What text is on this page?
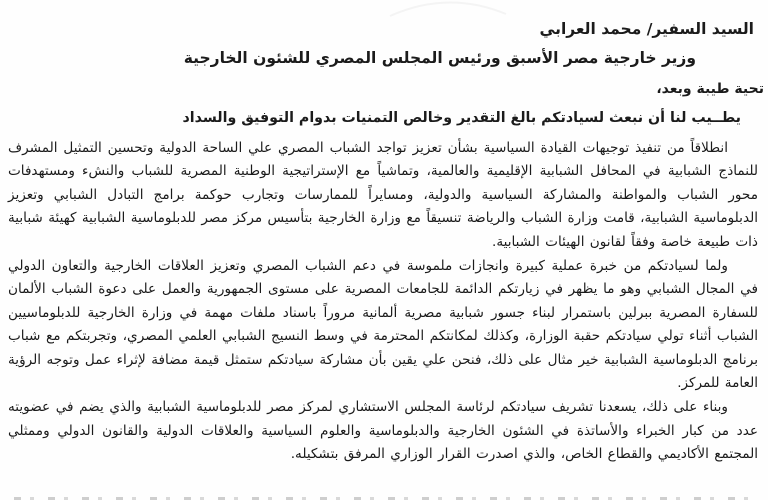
السيد السفير/ محمد العرابي
وزير خارجية مصر الأسبق ورئيس المجلس المصري للشئون الخارجية
تحية طيبة وبعد،
يطــيب لنا أن نبعث لسيادتكم بالغ التقدير وخالص التمنيات بدوام التوفيق والسداد

انطلاقاً من تنفيذ توجيهات القيادة السياسية بشأن تعزيز تواجد الشباب المصري علي الساحة الدولية وتحسين التمثيل المشرف للنماذج الشبابية في المحافل الشبابية الإقليمية والعالمية، وتماشياً مع الإستراتيجية الوطنية المصرية للشباب والنشء ومستهدفات محور الشباب والمواطنة والمشاركة السياسية والدولية، ومسايراً للممارسات وتجارب حوكمة برامج التبادل الشبابي وتعزيز الدبلوماسية الشبابية، قامت وزارة الشباب والرياضة تنسيقاً مع وزارة الخارجية بتأسيس مركز مصر للدبلوماسية الشبابية كهيئة شبابية ذات طبيعة خاصة وفقاً لقانون الهيئات الشبابية.

ولما لسيادتكم من خبرة عملية كبيرة وانجازات ملموسة في دعم الشباب المصري وتعزيز العلاقات الخارجية والتعاون الدولي في المجال الشبابي وهو ما يظهر في زيارتكم الدائمة للجامعات المصرية على مستوى الجمهورية والعمل على دعوة الشباب الألمان للسفارة المصرية ببرلين باستمرار لبناء جسور شبابية مصرية ألمانية مروراً باسناد ملفات مهمة في وزارة الخارجية للدبلوماسيين الشباب أثناء تولي سيادتكم حقبة الوزارة، وكذلك لمكانتكم المحترمة في وسط النسيج الشبابي العلمي المصري، وتجربتكم مع شباب برنامج الدبلوماسية الشبابية خير مثال على ذلك، فنحن علي يقين بأن مشاركة سيادتكم ستمثل قيمة مضافة لإثراء عمل وتوجه الرؤية العامة للمركز.

وبناء على ذلك، يسعدنا تشريف سيادتكم لرئاسة المجلس الاستشاري لمركز مصر للدبلوماسية الشبابية والذي يضم في عضويته عدد من كبار الخبراء والأساتذة في الشئون الخارجية والدبلوماسية والعلوم السياسية والعلاقات الدولية والقانون الدولي وممثلي المجتمع الأكاديمي والقطاع الخاص، والذي اصدرت القرار الوزاري المرفق بتشكيله.
